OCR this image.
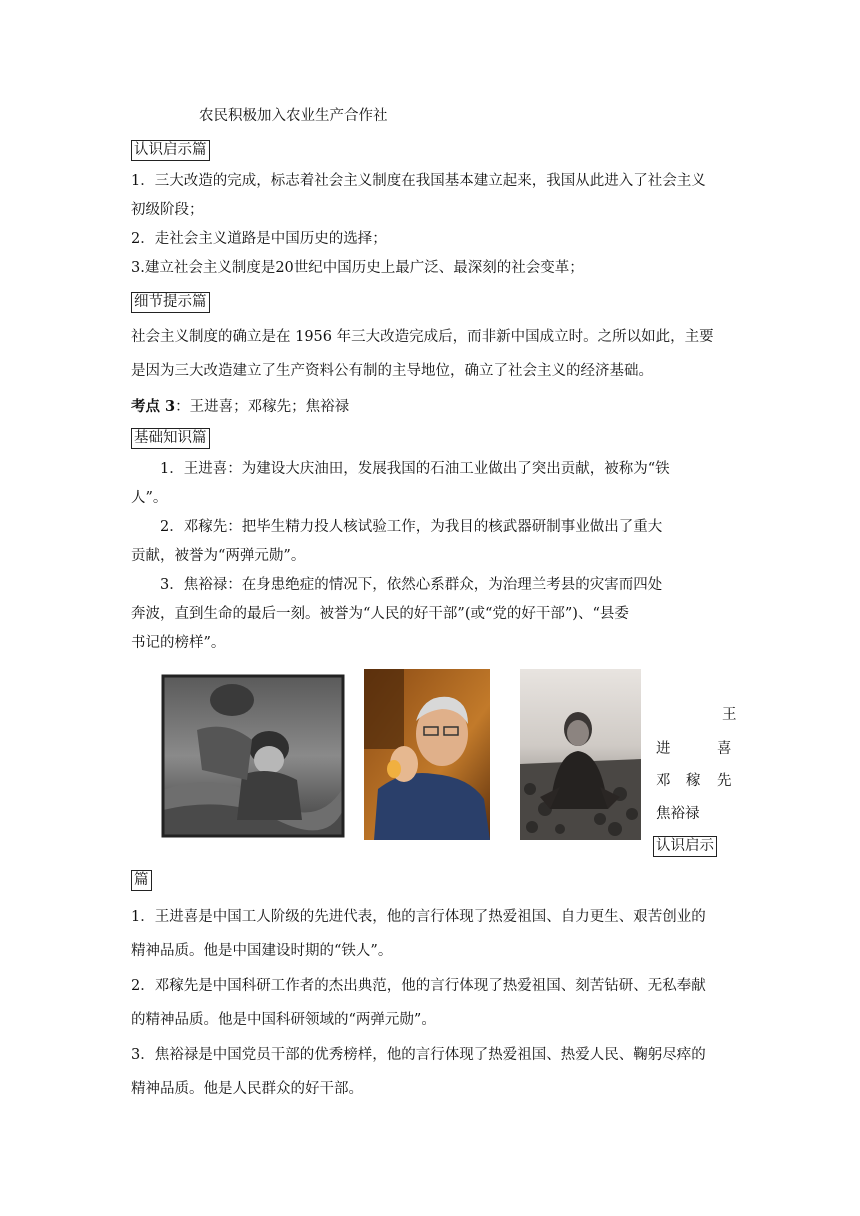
农民积极加入农业生产合作社
认识启示篇
1．三大改造的完成，标志着社会主义制度在我国基本建立起来，我国从此进入了社会主义
初级阶段；
2．走社会主义道路是中国历史的选择；
3.建立社会主义制度是20世纪中国历史上最广泛、最深刻的社会变革；
细节提示篇
社会主义制度的确立是在 1956 年三大改造完成后，而非新中国成立时。之所以如此，主要
是因为三大改造建立了生产资料公有制的主导地位，确立了社会主义的经济基础。
考点 3：王进喜；邓稼先；焦裕禄
基础知识篇
1．王进喜：为建设大庆油田，发展我国的石油工业做出了突出贡献，被称为“铁
人”。
2．邓稼先：把毕生精力投人核试验工作，为我目的核武器研制事业做出了重大
贡献，被誉为“两弹元勋”。
3．焦裕禄：在身患绝症的情况下，依然心系群众，为治理兰考县的灾害而四处
奔波，直到生命的最后一刻。被誉为“人民的好干部”(或“党的好干部”)、“县委
书记的榜样”。
王
进	喜
邓 稼 先
焦裕禄
认识启示
篇
1．王进喜是中国工人阶级的先进代表，他的言行体现了热爱祖国、自力更生、艰苦创业的
精神品质。他是中国建设时期的“铁人”。
2．邓稼先是中国科研工作者的杰出典范，他的言行体现了热爱祖国、刻苦钻研、无私奉献
的精神品质。他是中国科研领域的“两弹元勋”。
3．焦裕禄是中国党员干部的优秀榜样，他的言行体现了热爱祖国、热爱人民、鞠躬尽瘁的
精神品质。他是人民群众的好干部。
